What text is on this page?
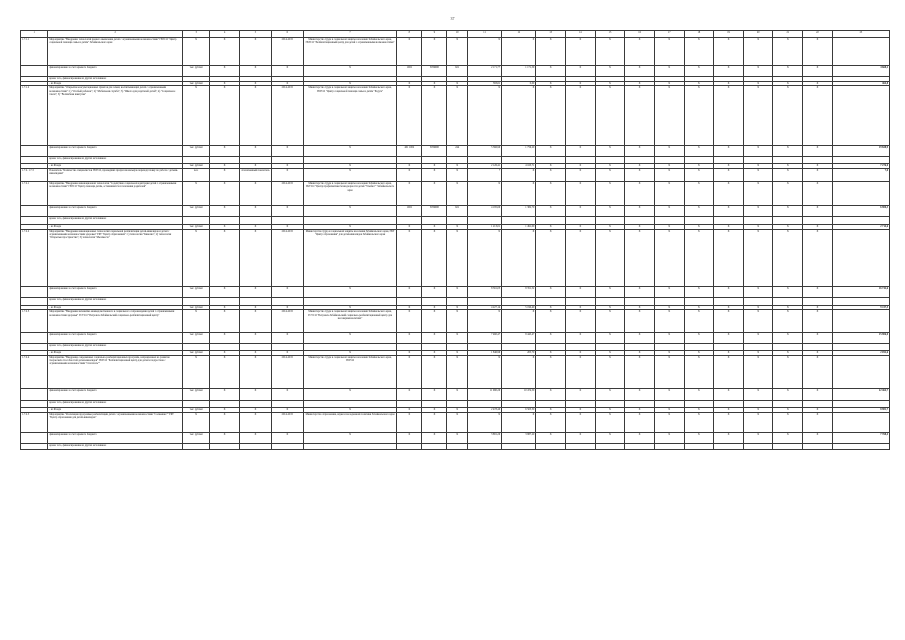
37
1	2	3	4	5	6	7	8	9	10	11	12	13	14	15	16	17	18	19	20	21	22	23
1.7.1.1	Мероприятие "Внедрение технологий раннего выявления детей с ограниченными возможностями" ГБУСО "Центр социальной помощи семье и детям" Забайкальского края	X	X	X	2014-2015	Министерство труда и социальной защиты населения Забайкальского края, ГБУСО "Реабилитационный центр для детей с ограниченными возможностями"	X	X	X	X	X	X	X	X	X	X	X	X	X	X	X	
	финансирование за счет краевого бюджета	тыс. рублей	X	X	X	X	1002	5059900	621	2 171,77	1 171,59	X	X	X	X	X	X	X	X	X	X	4 668,2
	кроме того, финансирование из других источников:																					
	- из Фонда	тыс. рублей	X	X	X	X	X	X	X	383,61	0,00	X	X	X	X	X	X	X	X	X	X	464,8
1.7.1.2	Мероприятие "Открытие консультационных пунктов для семей, воспитывающих детей с ограниченными возможностями": 1) "Особый ребенок"; 2) "Мобильная служба"; 3) "Школа для родителей детей"; 4) "Социальное такси"; 5) "Волшебная шкатулка"	X	X	X	2014-2015	Министерство труда и социальной защиты населения Забайкальского края, ГБУСО "Центр социальной помощи семье и детям "Радуга"	X	X	X	X	X	X	X	X	X	X	X	X	X	X	X	
	финансирование за счет краевого бюджета	тыс. рублей	X	X	X	X	401 1002	5059900	244	5 366,90	1 756,20	X	X	X	X	X	X	X	X	X	X	19 828,9
	кроме того, финансирование из других источников:																					
	- из Фонда	тыс. рублей	X	X	X	X	X	X	X	2 126,41	4 163,71	X	X	X	X	X	X	X	X	X	X	7 276,0
1.7.2. 1.7.3	Показатель "Количество специалистов ГБУСО, прошедших профессиональную переподготовку по работе с детьми-инвалидами"	чел.	X	обозначенный показатель	X	X	X	X	X	7	X	X	X	X	X	X	X	X	X	X	X	7,0
1.7.2.1	Мероприятие "Внедрение инновационной технологии "Содействие социальной адаптации детей с ограниченными возможностями" ГБУСО "Центр помощи детям, оставшимся без попечения родителей"	X	X	X	2014-2015	Министерство труда и социальной защиты населения Забайкальского края, ГКУСО "Центр профилактики безнадзорности детей "Улыбка"" Забайкальского края	X	X	X	X	X	X	X	X	X	X	X	X	X	X	X	
	финансирование за счет краевого бюджета	тыс. рублей	X	X	X	X	1002	5059900	621	4 185,60	1 382,70	X	X	X	X	X	X	X	X	X	X	6 900,3
	кроме того, финансирование из других источников:																					
	- из Фонда	тыс. рублей	X	X	X	X	X	X	X	1 213,01	1 491,00	X	X	X	X	X	X	X	X	X	X	2 714,6
1.7.2.2	Мероприятие "Внедрение инновационных технологий социальной реабилитации детей-инвалидов и детей с ограниченными возможностями здоровья" ГБУ "Центр образования": 1) технология "Кинезио"; 2) технология "Открытые пространства"; 3) технология "Мы вместе"	X	X	X	2014-2015	Министерство труда и социальной защиты населения Забайкальского края, ГБУ "Центр образования" для детей-инвалидов Забайкальского края	X	X	X	X	X	X	X	X	X	X	X	X	X	X	X	
	финансирование за счет краевого бюджета	тыс. рублей	X	X	X	X	X	X	X	8 391,03	8 351,52	X	X	X	X	X	X	X	X	X	X	16 742,6
	кроме того, финансирование из других источников:																					
	- из Фонда	тыс. рублей	X	X	X	X	X	X	X	4 227,14	5 190,40	X	X	X	X	X	X	X	X	X	X	9 417,5
1.7.2.3	Мероприятие "Внедрение механизма межведомственного и социального сопровождения детей с ограниченными возможностями здоровья" ГСУСО "Петровск-Забайкальский социально-реабилитационный центр"	X	X	X	2014-2015	Министерство труда и социальной защиты населения Забайкальского края, ГСУСО "Петровск-Забайкальский социально-реабилитационный центр для несовершеннолетних"	X	X	X	X	X	X	X	X	X	X	X	X	X	X	X	
	финансирование за счет краевого бюджета	тыс. рублей	X	X	X	X	X	X	X	7 460,47	8 445,47	X	X	X	X	X	X	X	X	X	X	15 906,0
	кроме того, финансирование из других источников:																					
	- из Фонда	тыс. рублей	X	X	X	X	X	X	X	1 846,99	205,70	X	X	X	X	X	X	X	X	X	X	2 052,6
1.7.2.4	Мероприятие "Внедрение современных социально-реабилитационных программ, направленных на развитие творческих способностей детей-инвалидов" ГБУСО "Реабилитационный центр для детей и подростков с ограниченными возможностями "Спасатель""	X	X	X	2014-2015	Министерство труда и социальной защиты населения Забайкальского края, ГБУСО	X	X	X	X	X	X	X	X	X	X	X	X	X	X	X	
	финансирование за счет краевого бюджета	тыс. рублей	X	X	X	X	X	X	X	11 990,20	10 474,50	X	X	X	X	X	X	X	X	X	X	22 464,7
	кроме того, финансирование из других источников:																					
	- из Фонда	тыс. рублей	X	X	X	X	X	X	X	2 478,40	6 503,30	X	X	X	X	X	X	X	X	X	X	8 981,7
1.7.2.5	Мероприятие "Реализация программы реабилитации детей с ограниченными возможностями "Солнышко"" ГБУ "Центр образования для детей-инвалидов"	X	X	X	2014-2015	Министерство образования, науки и молодежной политики Забайкальского края	X	X	X	X	X	X	X	X	X	X	X	X	X	X	X	
	финансирование за счет краевого бюджета	тыс. рублей	X	X	X	X	X	X	X	3 881,20	3 887,20	X	X	X	X	X	X	X	X	X	X	7 768,4
	кроме того, финансирование из других источников:																					
